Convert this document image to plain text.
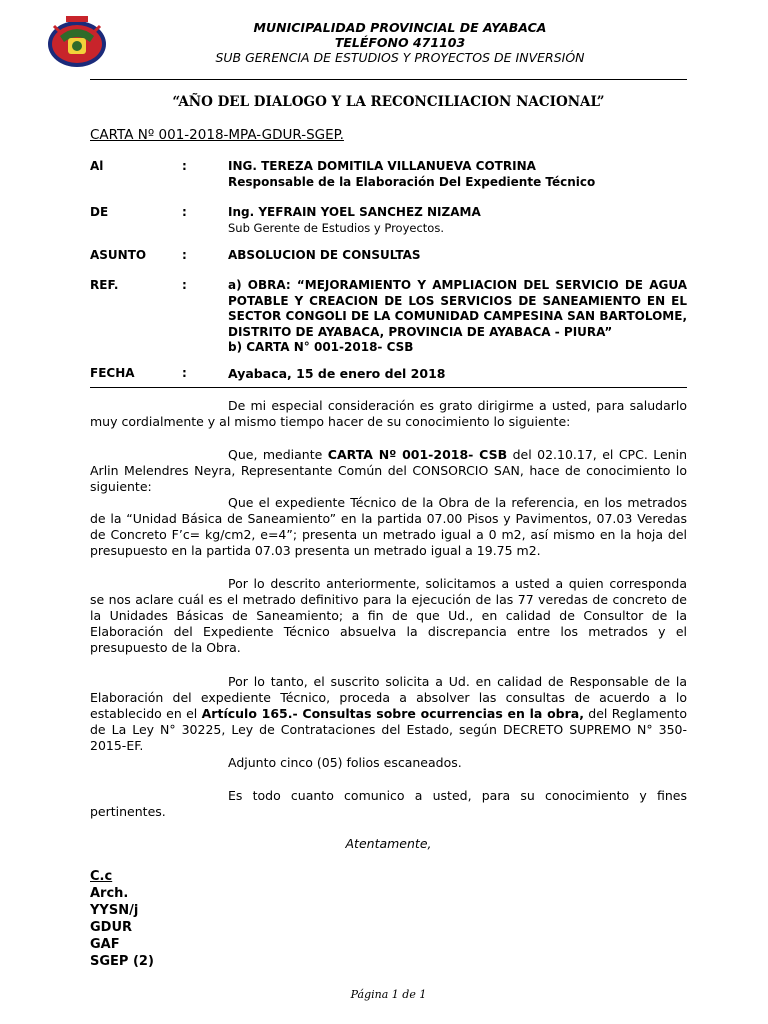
MUNICIPALIDAD PROVINCIAL DE AYABACA
TELÉFONO 471103
SUB GERENCIA DE ESTUDIOS Y PROYECTOS DE INVERSIÓN
“AÑO DEL DIALOGO Y LA RECONCILIACION NACIONAL”
CARTA Nº 001-2018-MPA-GDUR-SGEP.
Al	:	ING. TEREZA DOMITILA VILLANUEVA COTRINA
Responsable de la Elaboración Del Expediente Técnico
DE	:	Ing. YEFRAIN YOEL SANCHEZ NIZAMA
Sub Gerente de Estudios y Proyectos.
ASUNTO	:	ABSOLUCION DE CONSULTAS
REF.	:	a) OBRA: “MEJORAMIENTO Y AMPLIACION DEL SERVICIO DE AGUA POTABLE Y CREACION DE LOS SERVICIOS DE SANEAMIENTO EN EL SECTOR CONGOLI DE LA COMUNIDAD CAMPESINA SAN BARTOLOME, DISTRITO DE AYABACA, PROVINCIA DE AYABACA - PIURA”
b) CARTA N° 001-2018- CSB
FECHA	:	Ayabaca, 15 de enero del 2018
De mi especial consideración es grato dirigirme a usted, para saludarlo muy cordialmente y al mismo tiempo hacer de su conocimiento lo siguiente:
Que, mediante CARTA Nº 001-2018- CSB del 02.10.17, el CPC. Lenin Arlin Melendres Neyra, Representante Común del CONSORCIO SAN, hace de conocimiento lo siguiente:
Que el expediente Técnico de la Obra de la referencia, en los metrados de la “Unidad Básica de Saneamiento” en la partida 07.00 Pisos y Pavimentos, 07.03 Veredas de Concreto F’c= kg/cm2, e=4”; presenta un metrado igual a 0 m2, así mismo en la hoja del presupuesto en la partida 07.03 presenta un metrado igual a 19.75 m2.
Por lo descrito anteriormente, solicitamos a usted a quien corresponda se nos aclare cuál es el metrado definitivo para la ejecución de las 77 veredas de concreto de la Unidades Básicas de Saneamiento; a fin de que Ud., en calidad de Consultor de la Elaboración del Expediente Técnico absuelva la discrepancia entre los metrados y el presupuesto de la Obra.
Por lo tanto, el suscrito solicita a Ud. en calidad de Responsable de la Elaboración del expediente Técnico, proceda a absolver las consultas de acuerdo a lo establecido en el Artículo 165.- Consultas sobre ocurrencias en la obra, del Reglamento de La Ley N° 30225, Ley de Contrataciones del Estado, según DECRETO SUPREMO N° 350-2015-EF.
Adjunto cinco (05) folios escaneados.
Es todo cuanto comunico a usted, para su conocimiento y fines pertinentes.
Atentamente,
C.c
Arch.
YYSN/j
GDUR
GAF
SGEP (2)
Página 1 de 1
